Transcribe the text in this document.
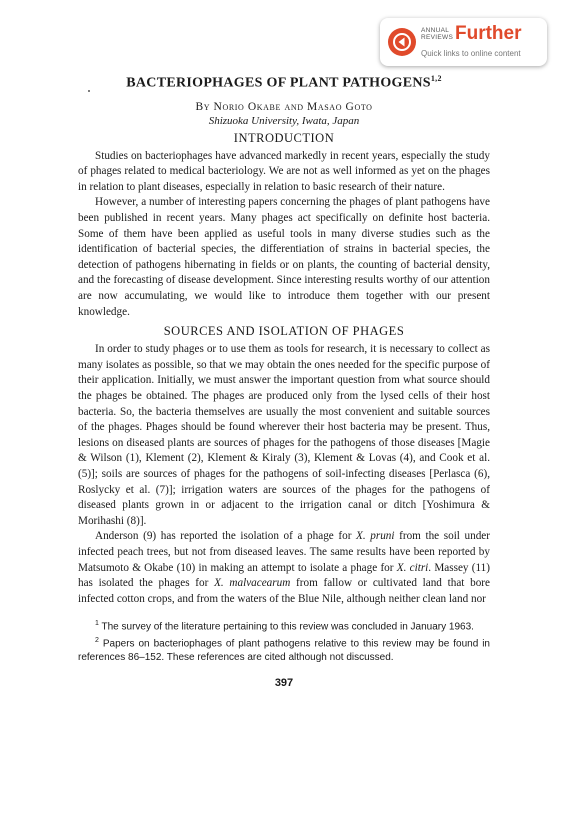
ANNUAL
REVIEWS Further
Quick links to online content
BACTERIOPHAGES OF PLANT PATHOGENS$^{1,2}$
By Norio Okabe and Masao Goto
Shizuoka University, Iwata, Japan
INTRODUCTION

Studies on bacteriophages have advanced markedly in recent years, especially the study of phages related to medical bacteriology. We are not as well informed as yet on the phages in relation to plant diseases, especially in relation to basic research of their nature.

However, a number of interesting papers concerning the phages of plant pathogens have been published in recent years. Many phages act specifically on definite host bacteria. Some of them have been applied as useful tools in many diverse studies such as the identification of bacterial species, the differentiation of strains in bacterial species, the detection of pathogens hibernating in fields or on plants, the counting of bacterial density, and the forecasting of disease development. Since interesting results worthy of our attention are now accumulating, we would like to introduce them together with our present knowledge.

SOURCES AND ISOLATION OF PHAGES

In order to study phages or to use them as tools for research, it is necessary to collect as many isolates as possible, so that we may obtain the ones needed for the specific purpose of their application. Initially, we must answer the important question from what source should the phages be obtained. The phages are produced only from the lysed cells of their host bacteria. So, the bacteria themselves are usually the most convenient and suitable sources of the phages. Phages should be found wherever their host bacteria may be present. Thus, lesions on diseased plants are sources of phages for the pathogens of those diseases [Magie & Wilson (1), Klement (2), Klement & Kiraly (3), Klement & Lovas (4), and Cook et al. (5)]; soils are sources of phages for the pathogens of soil-infecting diseases [Perlasca (6), Roslycky et al. (7)]; irrigation waters are sources of the phages for the pathogens of diseased plants grown in or adjacent to the irrigation canal or ditch [Yoshimura & Morihashi (8)].

Anderson (9) has reported the isolation of a phage for X. pruni from the soil under infected peach trees, but not from diseased leaves. The same results have been reported by Matsumoto & Okabe (10) in making an attempt to isolate a phage for X. citri. Massey (11) has isolated the phages for X. malvacearum from fallow or cultivated land that bore infected cotton crops, and from the waters of the Blue Nile, although neither clean land nor

$^1$ The survey of the literature pertaining to this review was concluded in January 1963.

$^2$ Papers on bacteriophages of plant pathogens relative to this review may be found in references 86–152. These references are cited although not discussed.

397
